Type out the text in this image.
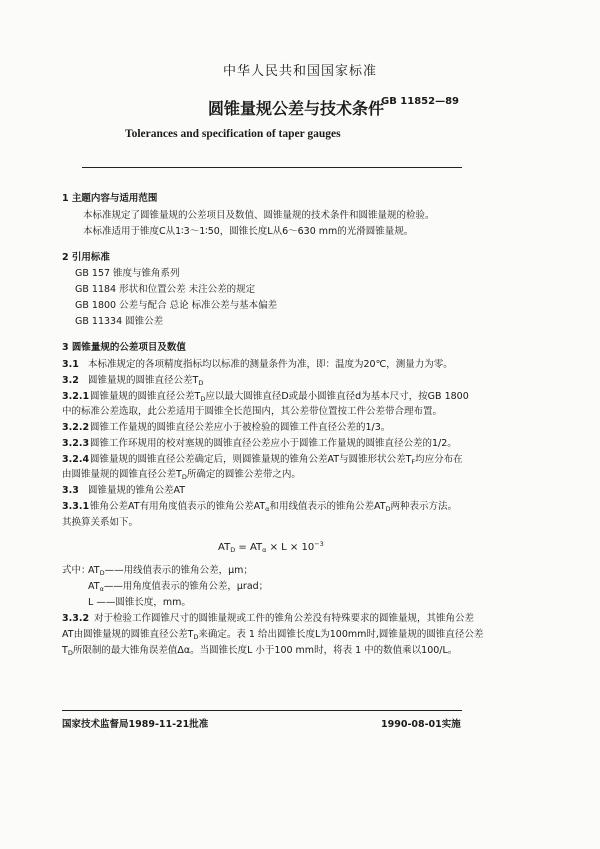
中华人民共和国国家标准
圆锥量规公差与技术条件
GB 11852—89
Tolerances and specification of taper gauges
1 主题内容与适用范围
本标准规定了圆锥量规的公差项目及数值、圆锥量规的技术条件和圆锥量规的检验。
本标准适用于锥度C从1∶3～1∶50，圆锥长度L从6～630 mm的光滑圆锥量规。
2 引用标准
GB 157 锥度与锥角系列
GB 1184 形状和位置公差 未注公差的规定
GB 1800 公差与配合 总论 标准公差与基本偏差
GB 11334 圆锥公差
3 圆锥量规的公差项目及数值
3.1 本标准规定的各项精度指标均以标准的测量条件为准，即：温度为20℃，测量力为零。
3.2 圆锥量规的圆锥直径公差$T_D$
3.2.1 圆锥量规的圆锥直径公差$T_D$应以最大圆锥直径D或最小圆锥直径d为基本尺寸，按GB 1800
中的标准公差选取，此公差适用于圆锥全长范围内，其公差带位置按工件公差带合理布置。
3.2.2 圆锥工作量规的圆锥直径公差应小于被检验的圆锥工件直径公差的1/3。
3.2.3 圆锥工作环规用的校对塞规的圆锥直径公差应小于圆锥工作量规的圆锥直径公差的1/2。
3.2.4 圆锥量规的圆锥直径公差确定后，则圆锥量规的锥角公差AT与圆锥形状公差$T_F$均应分布在
由圆锥量规的圆锥直径公差$T_D$所确定的圆锥公差带之内。
3.3 圆锥量规的锥角公差AT
3.3.1 锥角公差AT有用角度值表示的锥角公差$AT_\alpha$和用线值表示的锥角公差$AT_D$两种表示方法。
其换算关系如下。
$AT_D = AT_\alpha \times L \times 10^{-3}$
式中：
$AT_D——$用线值表示的锥角公差，μm；
$AT_\alpha——$用角度值表示的锥角公差，μrad；
L ——圆锥长度，mm。
3.3.2 对于检验工作圆锥尺寸的圆锥量规或工件的锥角公差没有特殊要求的圆锥量规，其锥角公差
AT由圆锥量规的圆锥直径公差$T_D$来确定。表 1 给出圆锥长度L为100mm时,圆锥量规的圆锥直径公差
$T_D$所限制的最大锥角误差值Δα。当圆锥长度L 小于100 mm时，将表 1 中的数值乘以100/L。
国家技术监督局1989-11-21批准	1990-08-01实施
